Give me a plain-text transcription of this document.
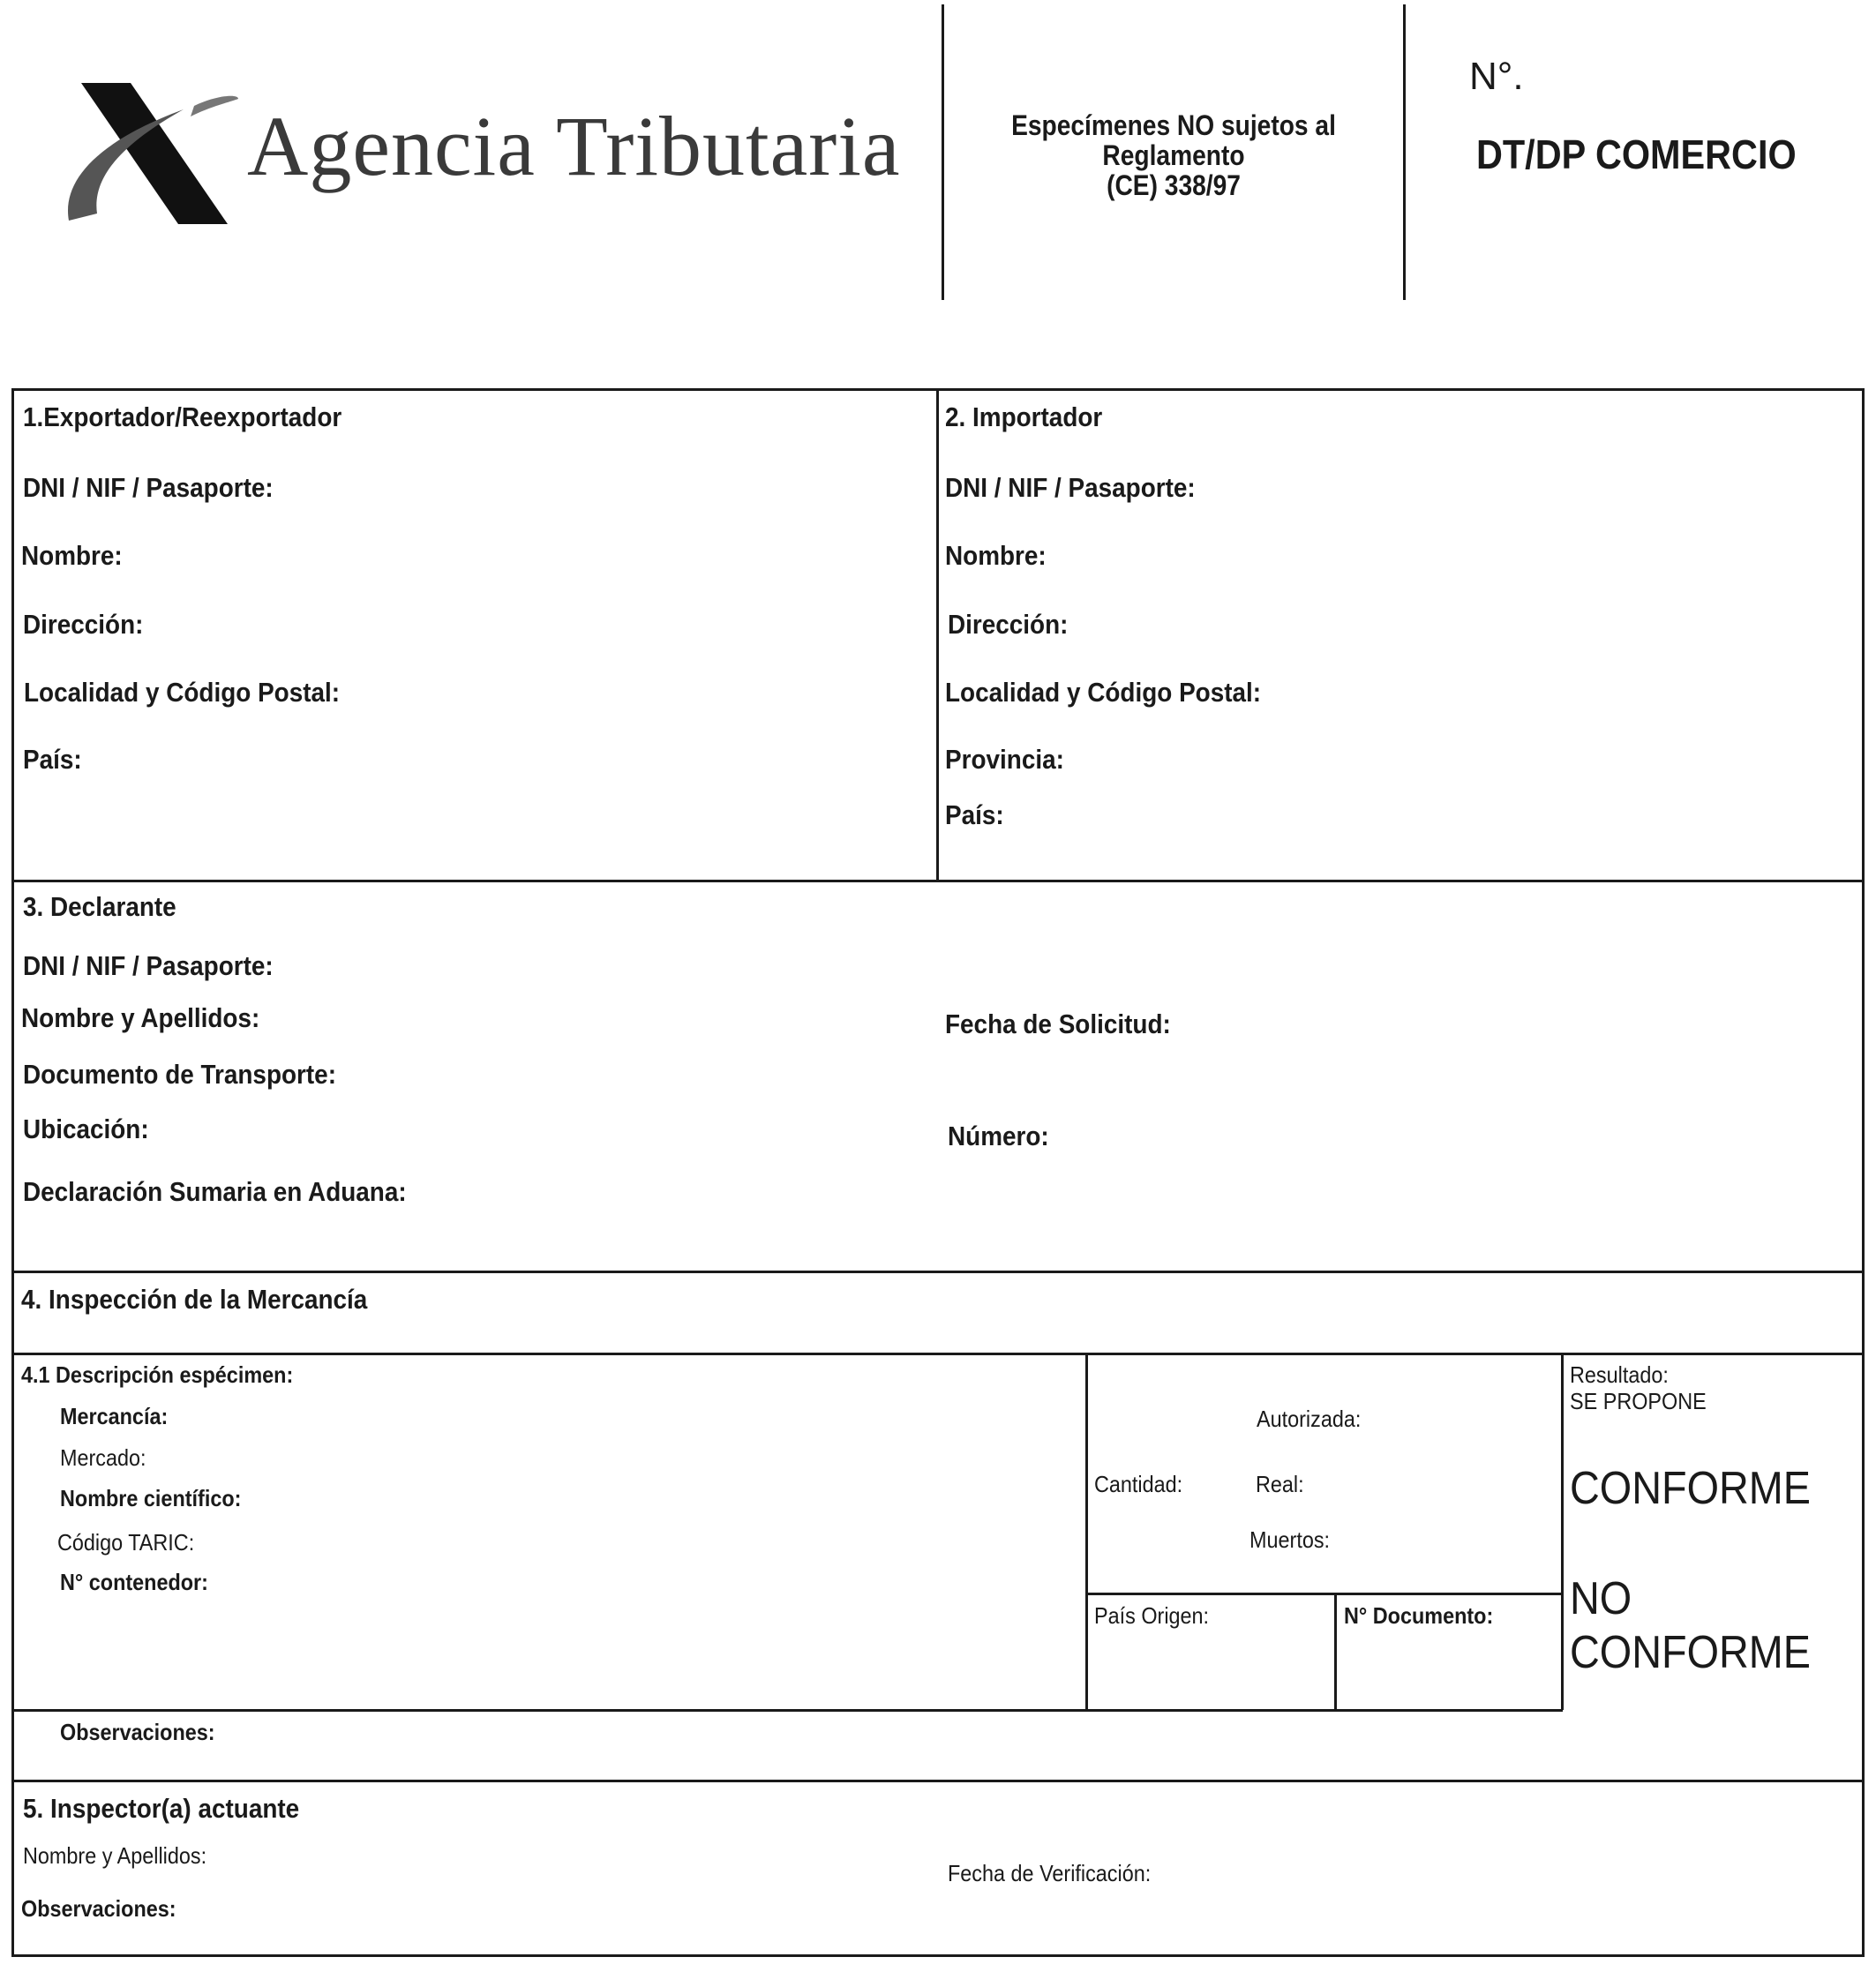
Agencia Tributaria	Especímenes NO sujetos al
Reglamento
(CE) 338/97
N°.
DT/DP COMERCIO
1.Exportador/Reexportador
DNI / NIF / Pasaporte:
Nombre:
Dirección:
Localidad y Código Postal:
País:
2. Importador
DNI / NIF / Pasaporte:
Nombre:
Dirección:
Localidad y Código Postal:
Provincia:
País:
3. Declarante
DNI / NIF / Pasaporte:
Nombre y Apellidos:
Documento de Transporte:
Ubicación:
Declaración Sumaria en Aduana:
Fecha de Solicitud:
Número:
4. Inspección de la Mercancía
4.1 Descripción espécimen:
Mercancía:
Mercado:
Nombre científico:
Código TARIC:
N° contenedor:
Autorizada:
Cantidad:	Real:
Muertos:
País Origen:	N° Documento:
Resultado:
SE PROPONE
CONFORME
NO
CONFORME
Observaciones:
5. Inspector(a) actuante
Nombre y Apellidos:
Fecha de Verificación:
Observaciones:
